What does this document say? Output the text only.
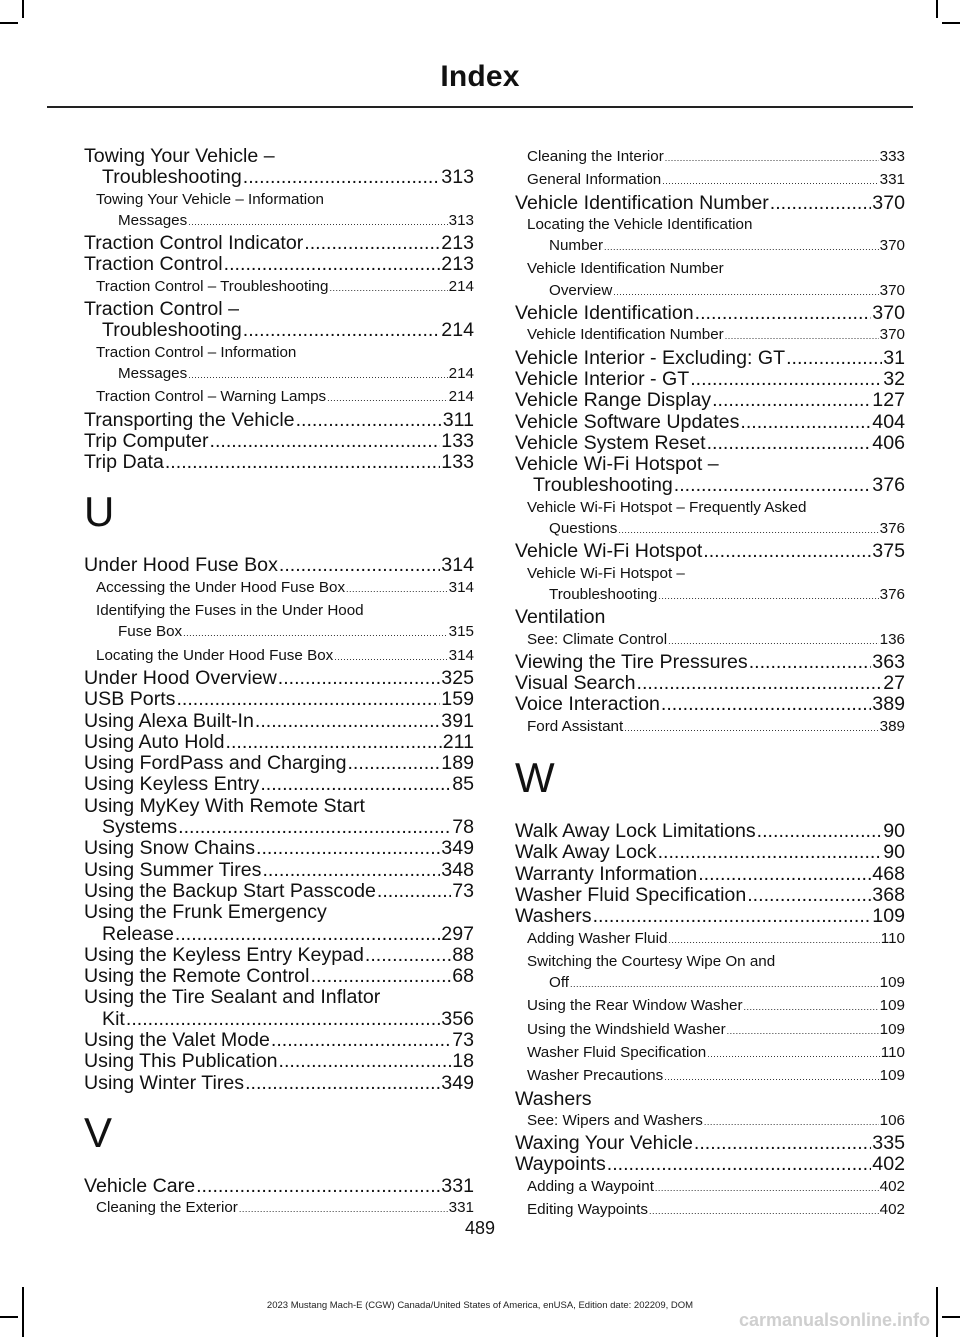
Index
Towing Your Vehicle –
Troubleshooting .....	313
Towing Your Vehicle – Information
Messages .....	313
Traction Control Indicator .....	213
Traction Control .....	213
Traction Control – Troubleshooting .....	214
Traction Control –
Troubleshooting .....	214
Traction Control – Information
Messages .....	214
Traction Control – Warning Lamps .....	214
Transporting the Vehicle .....	311
Trip Computer .....	133
Trip Data .....	133
U
Under Hood Fuse Box .....	314
Accessing the Under Hood Fuse Box .....	314
Identifying the Fuses in the Under Hood
Fuse Box .....	315
Locating the Under Hood Fuse Box .....	314
Under Hood Overview .....	325
USB Ports .....	159
Using Alexa Built-In .....	391
Using Auto Hold .....	211
Using FordPass and Charging .....	189
Using Keyless Entry .....	85
Using MyKey With Remote Start
Systems .....	78
Using Snow Chains .....	349
Using Summer Tires .....	348
Using the Backup Start Passcode .....	73
Using the Frunk Emergency
Release .....	297
Using the Keyless Entry Keypad .....	88
Using the Remote Control .....	68
Using the Tire Sealant and Inflator
Kit .....	356
Using the Valet Mode .....	73
Using This Publication .....	18
Using Winter Tires .....	349
V
Vehicle Care .....	331
Cleaning the Exterior .....	331
Cleaning the Interior .....	333
General Information .....	331
Vehicle Identification Number .....	370
Locating the Vehicle Identification
Number .....	370
Vehicle Identification Number
Overview .....	370
Vehicle Identification .....	370
Vehicle Identification Number .....	370
Vehicle Interior - Excluding: GT .....	31
Vehicle Interior - GT .....	32
Vehicle Range Display .....	127
Vehicle Software Updates .....	404
Vehicle System Reset .....	406
Vehicle Wi-Fi Hotspot –
Troubleshooting .....	376
Vehicle Wi-Fi Hotspot – Frequently Asked
Questions .....	376
Vehicle Wi-Fi Hotspot .....	375
Vehicle Wi-Fi Hotspot –
Troubleshooting .....	376
Ventilation
See: Climate Control .....	136
Viewing the Tire Pressures .....	363
Visual Search .....	27
Voice Interaction .....	389
Ford Assistant .....	389
W
Walk Away Lock Limitations .....	90
Walk Away Lock .....	90
Warranty Information .....	468
Washer Fluid Specification .....	368
Washers .....	109
Adding Washer Fluid .....	110
Switching the Courtesy Wipe On and
Off .....	109
Using the Rear Window Washer .....	109
Using the Windshield Washer .....	109
Washer Fluid Specification .....	110
Washer Precautions .....	109
Washers
See: Wipers and Washers .....	106
Waxing Your Vehicle .....	335
Waypoints .....	402
Adding a Waypoint .....	402
Editing Waypoints .....	402
489
2023 Mustang Mach-E (CGW) Canada/United States of America, enUSA, Edition date: 202209, DOM
carmanualsonline.info
